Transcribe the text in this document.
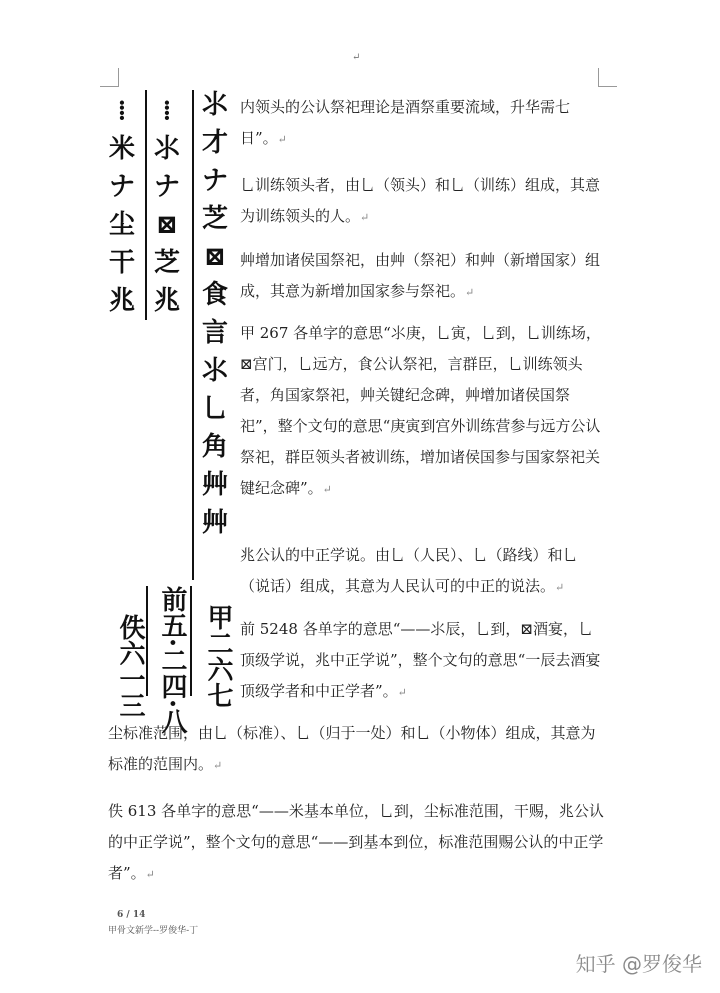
↵
⁞
米
ナ
尘
干
兆
⁞
⺢
ナ
⊠
芝
兆
⺢
才
ナ
芝
⊠
⾷
⾔
⺢
⺃
⾓
⾋
⾋
佚六一三 前五·二四·八 甲二六七
内领头的公认祭祀理论是酒祭重要流域，升华需七日”。↵
⺃训练领头者，由⺃（领头）和⺃（训练）组成，其意为训练领头的人。↵
⾋增加诸侯国祭祀，由⾋（祭祀）和⾋（新增国家）组成，其意为新增加国家参与祭祀。↵
甲 267 各单字的意思“⺢庚，⺃寅，⺃到，⺃训练场，⊠宫门，⺃远方，⾷公认祭祀，⾔群臣，⺃训练领头者，⾓国家祭祀，⾋关键纪念碑，⾋增加诸侯国祭祀”，整个文句的意思“庚寅到宫外训练营参与远方公认祭祀，群臣领头者被训练，增加诸侯国参与国家祭祀关键纪念碑”。↵
兆公认的中正学说。由⺃（人民）、⺃（路线）和⺃（说话）组成，其意为人民认可的中正的说法。↵
前 5248 各单字的意思“——⺢辰，⺃到，⊠酒宴，⺃顶级学说，兆中正学说”，整个文句的意思“一辰去酒宴顶级学者和中正学者”。↵
尘标准范围，由⺃（标准）、⺃（归于一处）和⺃（小物体）组成，其意为标准的范围内。↵
佚 613 各单字的意思“——米基本单位，⺃到，尘标准范围，干赐，兆公认的中正学说”，整个文句的意思“——到基本到位，标准范围赐公认的中正学者”。↵
6 / 14
甲骨文新学--罗俊华-丁
知乎 @罗俊华
